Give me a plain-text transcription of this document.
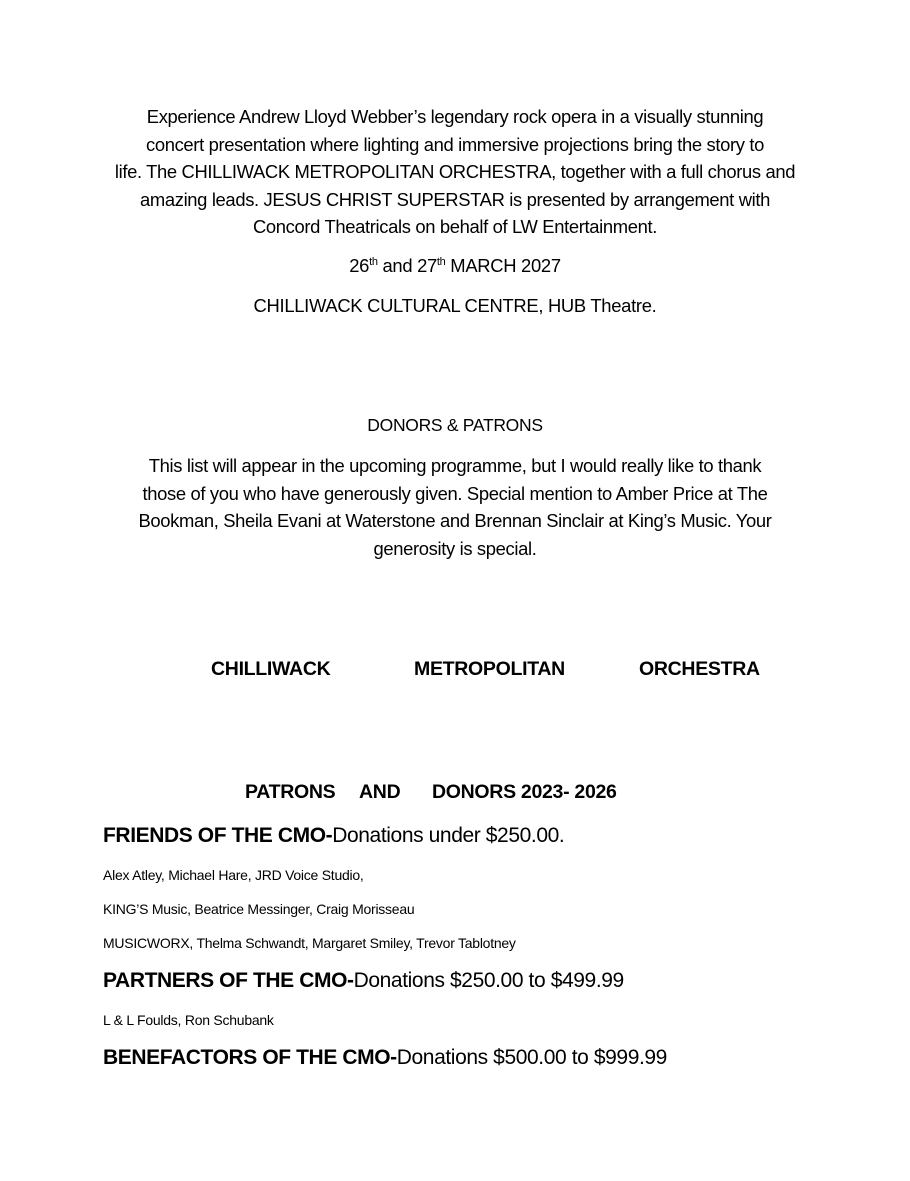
Experience Andrew Lloyd Webber’s legendary rock opera in a visually stunning
concert presentation where lighting and immersive projections bring the story to
life. The CHILLIWACK METROPOLITAN ORCHESTRA, together with a full chorus and
amazing leads. JESUS CHRIST SUPERSTAR is presented by arrangement with
Concord Theatricals on behalf of LW Entertainment.
26th and 27th MARCH 2027
CHILLIWACK CULTURAL CENTRE, HUB Theatre.
DONORS & PATRONS
This list will appear in the upcoming programme, but I would really like to thank
those of you who have generously given. Special mention to Amber Price at The
Bookman, Sheila Evani at Waterstone and Brennan Sinclair at King’s Music. Your
generosity is special.
CHILLIWACK	METROPOLITAN	ORCHESTRA
PATRONS AND DONORS 2023- 2026
FRIENDS OF THE CMO-Donations under $250.00.
Alex Atley, Michael Hare, JRD Voice Studio,
KING’S Music, Beatrice Messinger, Craig Morisseau
MUSICWORX, Thelma Schwandt, Margaret Smiley, Trevor Tablotney
PARTNERS OF THE CMO-Donations $250.00 to $499.99
L & L Foulds, Ron Schubank
BENEFACTORS OF THE CMO-Donations $500.00 to $999.99
